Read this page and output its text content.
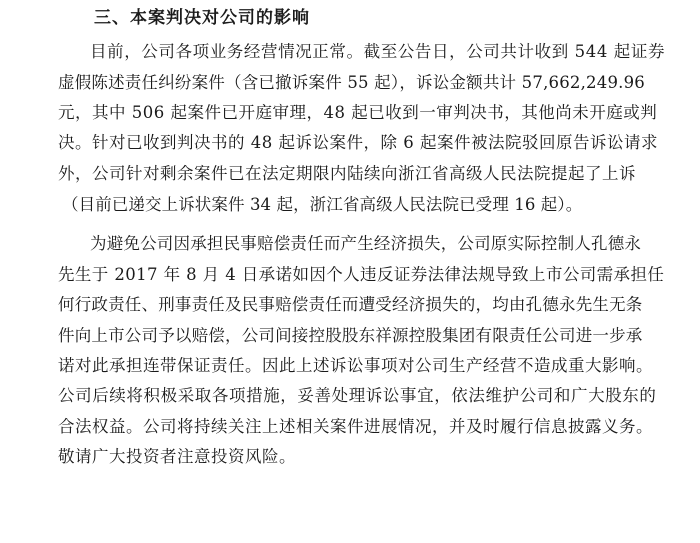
三、本案判决对公司的影响
目前，公司各项业务经营情况正常。截至公告日，公司共计收到 544 起证券
虚假陈述责任纠纷案件（含已撤诉案件 55 起），诉讼金额共计 57,662,249.96
元，其中 506 起案件已开庭审理，48 起已收到一审判决书，其他尚未开庭或判
决。针对已收到判决书的 48 起诉讼案件，除 6 起案件被法院驳回原告诉讼请求
外，公司针对剩余案件已在法定期限内陆续向浙江省高级人民法院提起了上诉
（目前已递交上诉状案件 34 起，浙江省高级人民法院已受理 16 起）。
为避免公司因承担民事赔偿责任而产生经济损失，公司原实际控制人孔德永
先生于 2017 年 8 月 4 日承诺如因个人违反证券法律法规导致上市公司需承担任
何行政责任、刑事责任及民事赔偿责任而遭受经济损失的，均由孔德永先生无条
件向上市公司予以赔偿，公司间接控股股东祥源控股集团有限责任公司进一步承
诺对此承担连带保证责任。因此上述诉讼事项对公司生产经营不造成重大影响。
公司后续将积极采取各项措施，妥善处理诉讼事宜，依法维护公司和广大股东的
合法权益。公司将持续关注上述相关案件进展情况，并及时履行信息披露义务。
敬请广大投资者注意投资风险。
